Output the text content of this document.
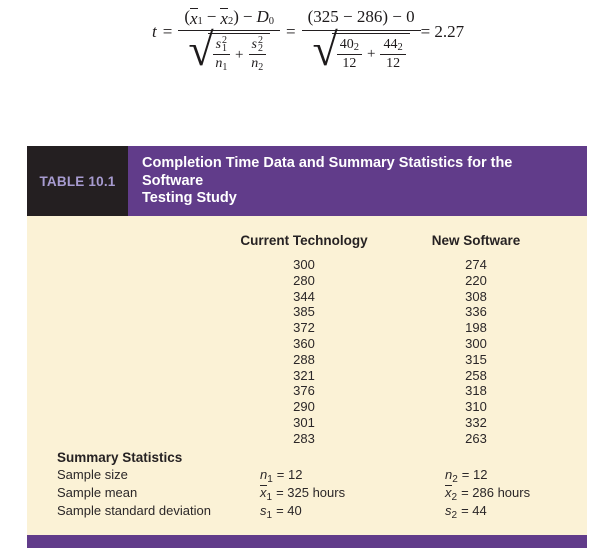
t =
( x 1 − x 2 ) − D 0
√ s 2
1
$n_1$
+ s 2
2
$n_2$
=
(325 − 286) − 0
√ 40 2
12
+ $\frac{44 2}{12}$
= 2.27
TABLE 10.1
Completion Time Data and Summary Statistics for the Software
Testing Study
Current Technology	New Software
300	274
280	220
344	308
385	336
372	198
360	300
288	315
321	258
376	318
290	310
301	332
283	263
Summary Statistics
Sample size	$n_1 = 12$	$n_2 = 12$
Sample mean	$x_1 = 325$ hours	$x_2 = 286$ hours
Sample standard deviation	$s_1 = 40$	$s_2 = 44$
